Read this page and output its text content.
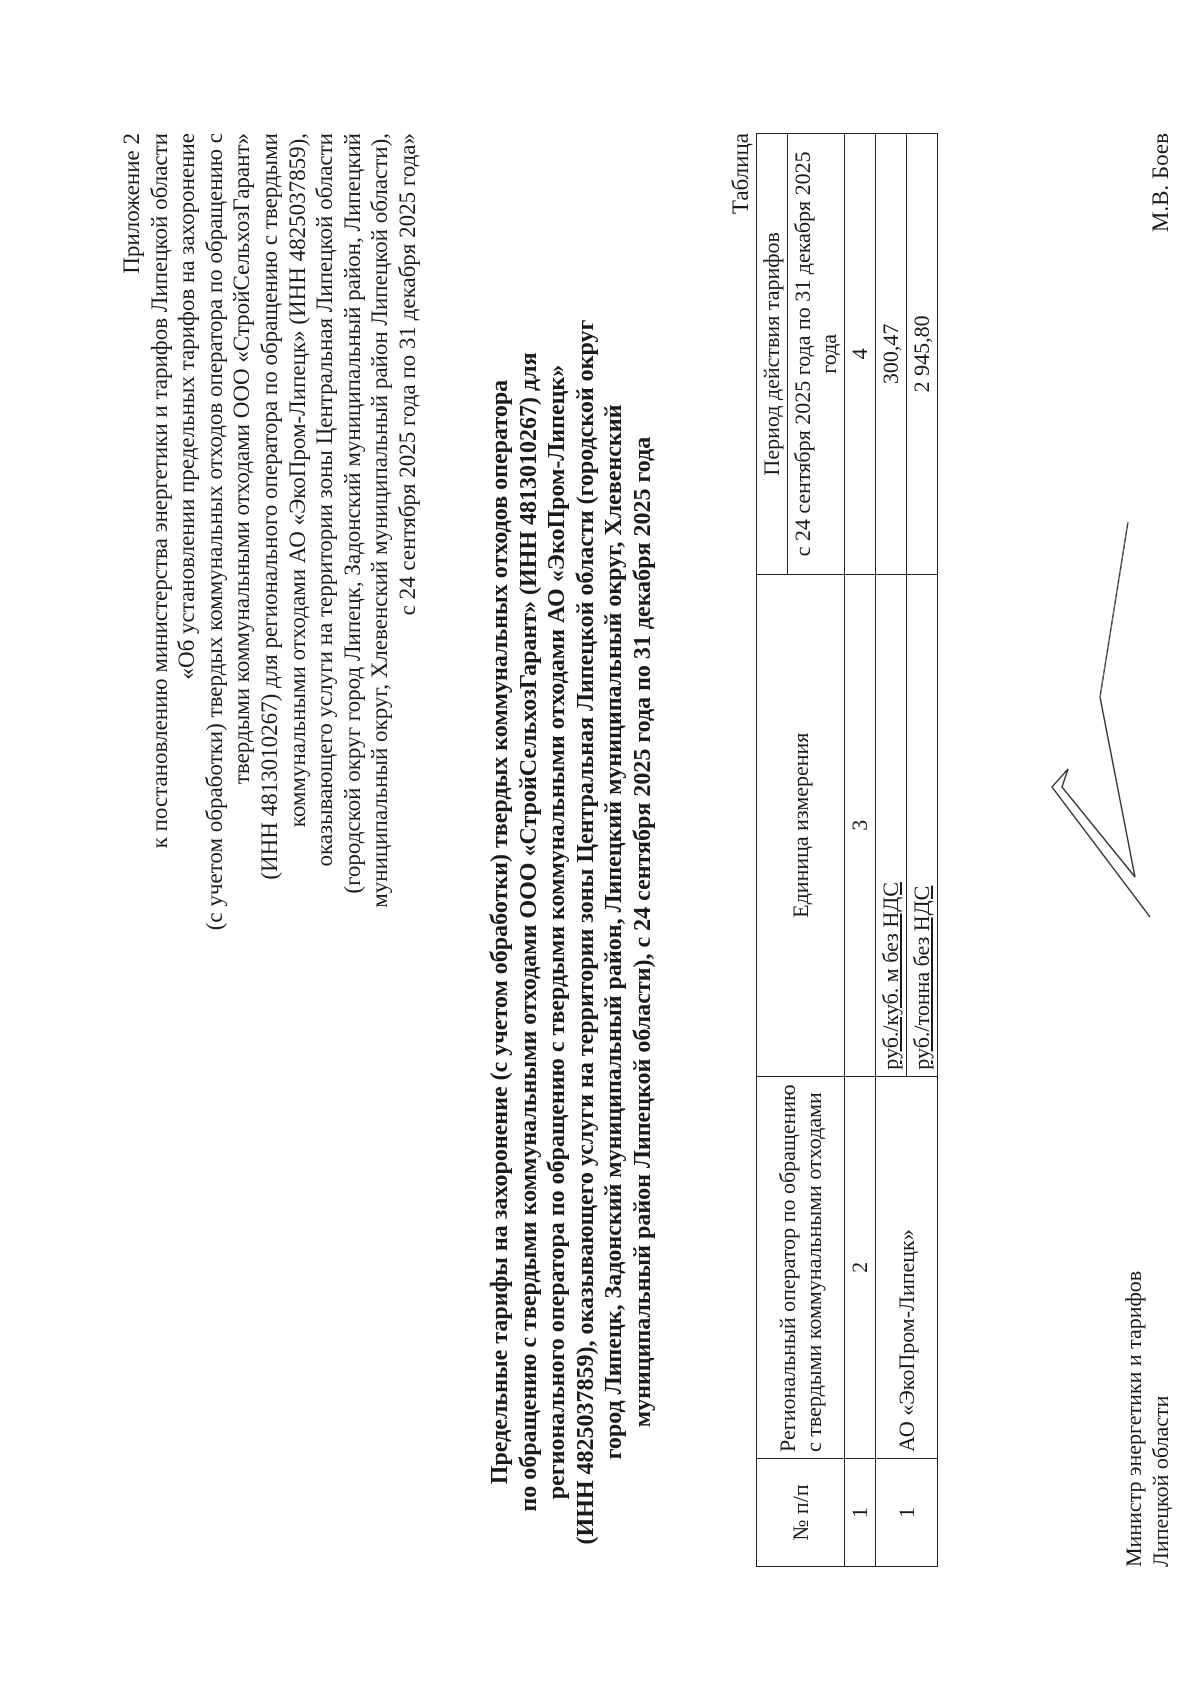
Приложение 2 к постановлению министерства энергетики и тарифов Липецкой области «Об установлении предельных тарифов на захоронение (с учетом обработки) твердых коммунальных отходов оператора по обращению с твердыми коммунальными отходами ООО «СтройСельхозГарант» (ИНН 4813010267) для регионального оператора по обращению с твердыми коммунальными отходами АО «ЭкоПром-Липецк» (ИНН 4825037859), оказывающего услуги на территории зоны Центральная Липецкой области (городской округ город Липецк, Задонский муниципальный район, Липецкий муниципальный округ, Хлевенский муниципальный район Липецкой области), с 24 сентября 2025 года по 31 декабря 2025 года»
Предельные тарифы на захоронение (с учетом обработки) твердых коммунальных отходов оператора по обращению с твердыми коммунальными отходами ООО «СтройСельхозГарант» (ИНН 4813010267) для регионального оператора по обращению с твердыми коммунальными отходами АО «ЭкоПром-Липецк» (ИНН 4825037859), оказывающего услуги на территории зоны Центральная Липецкой области (городской округ город Липецк, Задонский муниципальный район, Липецкий муниципальный округ, Хлевенский муниципальный район Липецкой области), с 24 сентября 2025 года по 31 декабря 2025 года
Таблица
№ п/п	Региональный оператор по обращению с твердыми коммунальными отходами	Единица измерения	Период действия тарифов
			с 24 сентября 2025 года по 31 декабря 2025 года
1	2	3	4
1	АО «ЭкоПром-Липецк»	руб./куб. м без НДС	300,47
		руб./тонна без НДС	2 945,80
Министр энергетики и тарифов Липецкой области
М.В. Боев
